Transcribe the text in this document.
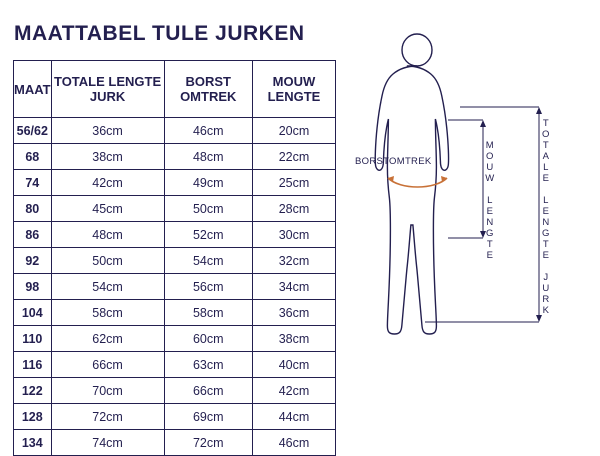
MAATTABEL TULE JURKEN
MAAT	TOTALE LENGTE JURK	BORST OMTREK	MOUW LENGTE
56/62	36cm	46cm	20cm
68	38cm	48cm	22cm
74	42cm	49cm	25cm
80	45cm	50cm	28cm
86	48cm	52cm	30cm
92	50cm	54cm	32cm
98	54cm	56cm	34cm
104	58cm	58cm	36cm
110	62cm	60cm	38cm
116	66cm	63cm	40cm
122	70cm	66cm	42cm
128	72cm	69cm	44cm
134	74cm	72cm	46cm
BORSTOMTREK
M
O
U
W

L
E
N
G
T
E
T
O
T
A
L
E

L
E
N
G
T
E

J
U
R
K
